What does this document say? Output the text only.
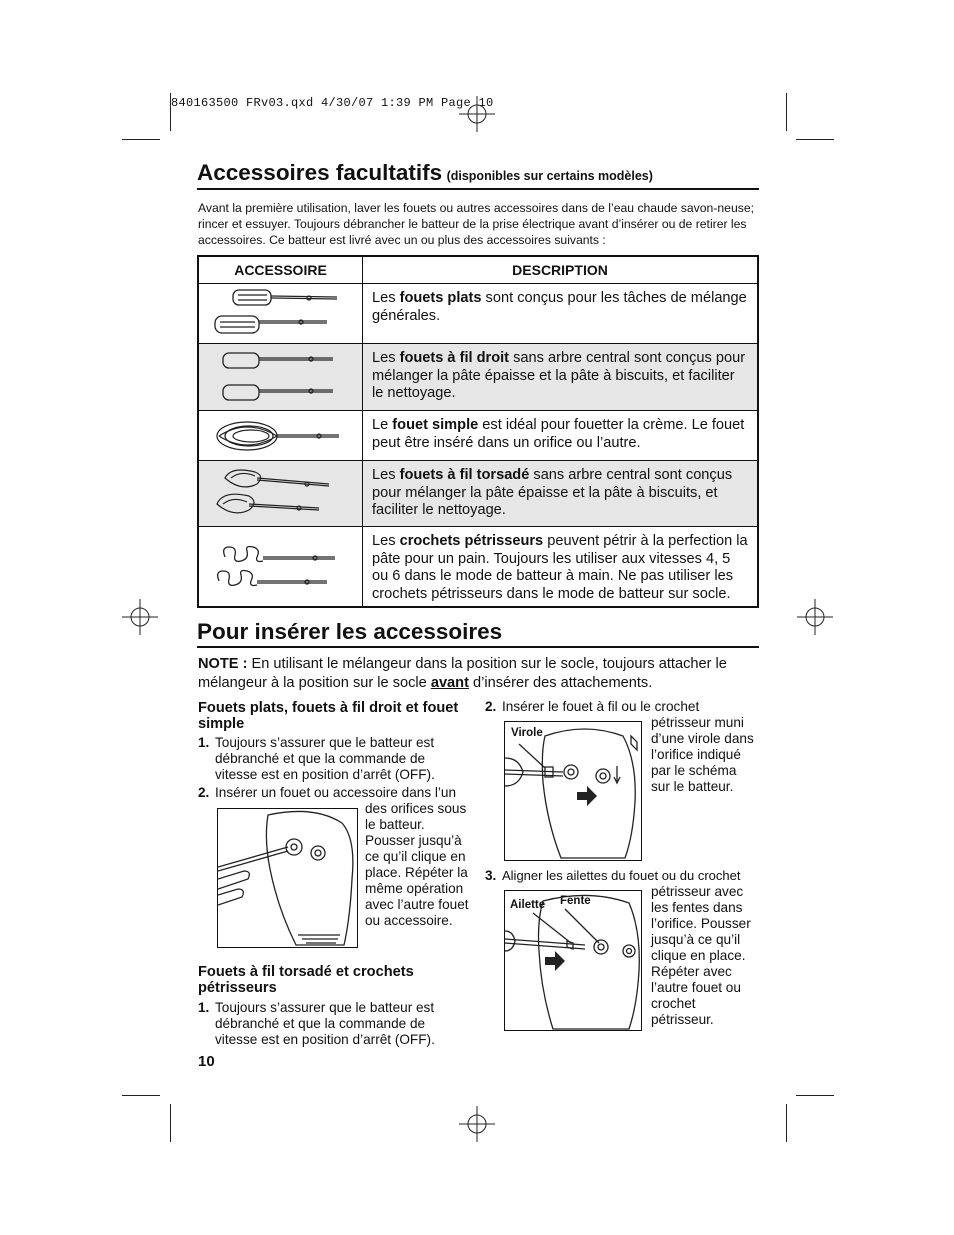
840163500 FRv03.qxd 4/30/07 1:39 PM Page 10
Accessoires facultatifs (disponibles sur certains modèles)
Avant la première utilisation, laver les fouets ou autres accessoires dans de l’eau chaude savon-neuse; rincer et essuyer. Toujours débrancher le batteur de la prise électrique avant d’insérer ou de retirer les accessoires. Ce batteur est livré avec un ou plus des accessoires suivants :
ACCESSOIRE	DESCRIPTION

	Les fouets plats sont conçus pour les tâches de mélange générales.

	Les fouets à fil droit sans arbre central sont conçus pour mélanger la pâte épaisse et la pâte à biscuits, et faciliter le nettoyage.

	Le fouet simple est idéal pour fouetter la crème. Le fouet peut être inséré dans un orifice ou l’autre.

	Les fouets à fil torsadé sans arbre central sont conçus pour mélanger la pâte épaisse et la pâte à biscuits, et faciliter le nettoyage.

	Les crochets pétrisseurs peuvent pétrir à la perfection la pâte pour un pain. Toujours les utiliser aux vitesses 4, 5 ou 6 dans le mode de batteur à main. Ne pas utiliser les crochets pétrisseurs dans le mode de batteur sur socle.
Pour insérer les accessoires
NOTE : En utilisant le mélangeur dans la position sur le socle, toujours attacher le mélangeur à la position sur le socle avant d’insérer des attachements.
Fouets plats, fouets à fil droit et fouet simple
1. Toujours s’assurer que le batteur est débranché et que la commande de vitesse est en position d’arrêt (OFF).
2. Insérer un fouet ou accessoire dans l’un
des orifices sous le batteur. Pousser jusqu’à ce qu’il clique en place. Répéter la même opération avec l’autre fouet ou accessoire.
Fouets à fil torsadé et crochets pétrisseurs
1. Toujours s’assurer que le batteur est débranché et que la commande de vitesse est en position d’arrêt (OFF).
2. Insérer le fouet à fil ou le crochet
pétrisseur muni d’une virole dans l’orifice indiqué par le schéma sur le batteur.
Virole
3. Aligner les ailettes du fouet ou du crochet
pétrisseur avec les fentes dans l’orifice. Pousser jusqu’à ce qu’il clique en place. Répéter avec l’autre fouet ou crochet pétrisseur.
Ailette Fente
10
